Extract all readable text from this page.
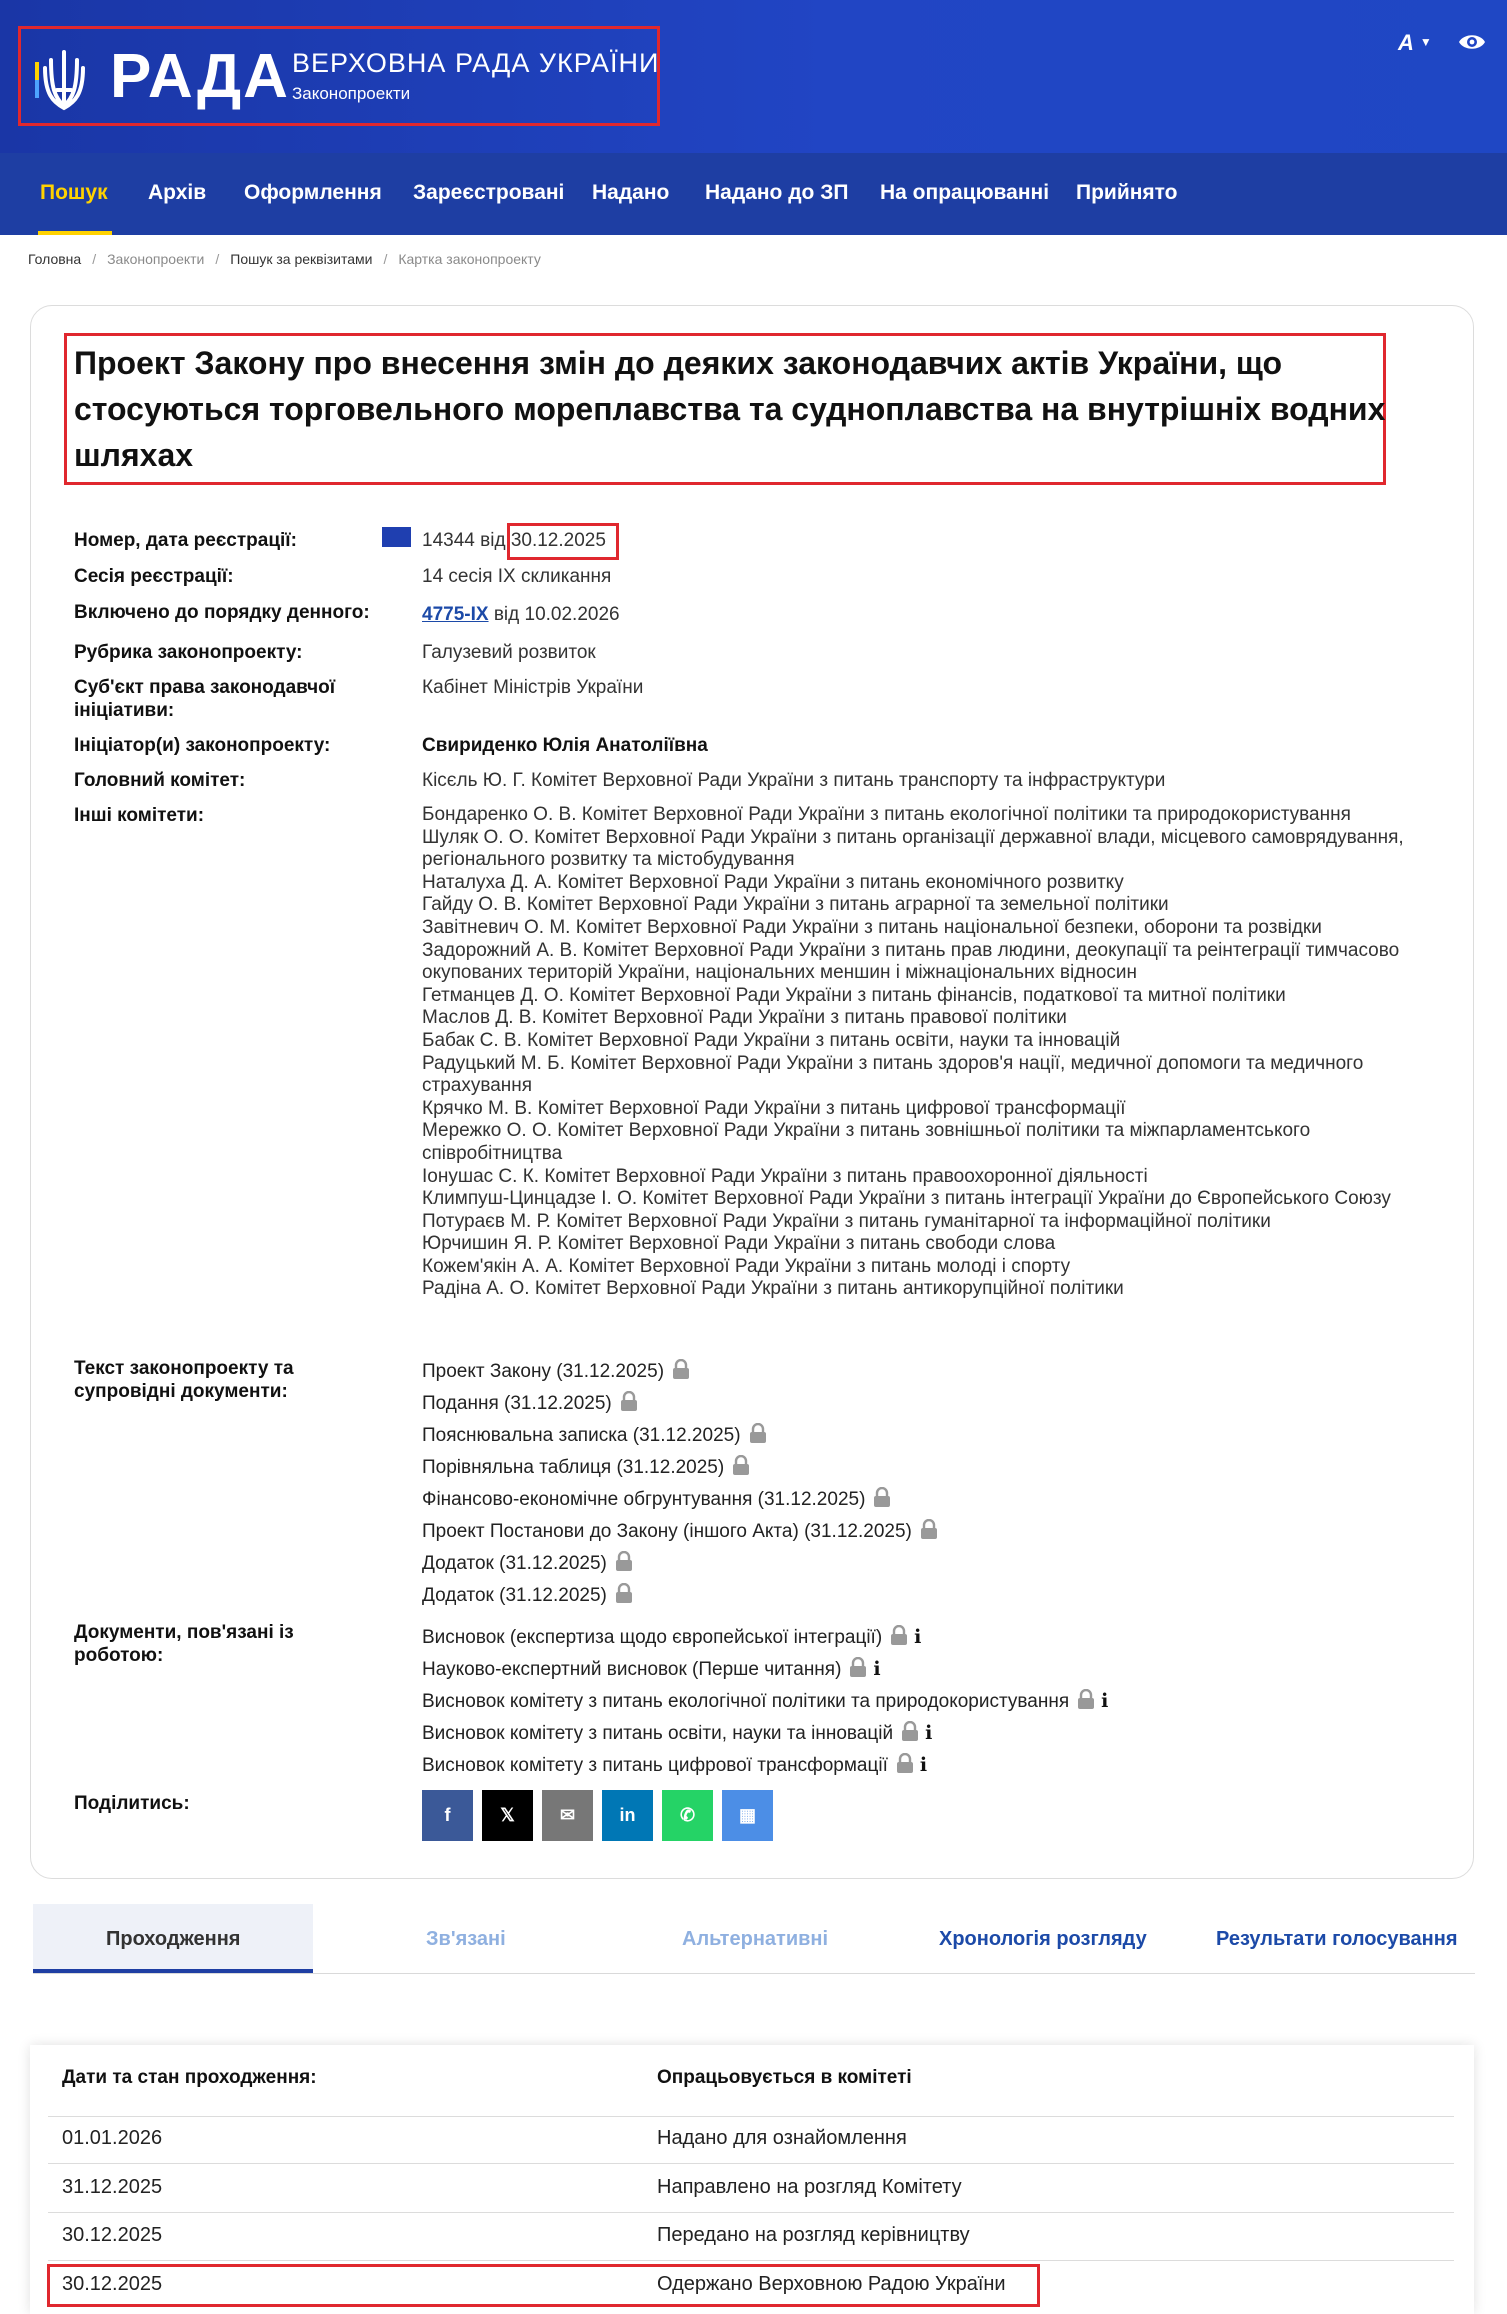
РАДА ВЕРХОВНА РАДА УКРАЇНИ
Законопроекти
A ▼
Пошук Архів Оформлення Зареєстровані Надано Надано до ЗП На опрацюванні Прийнято
Головна / Законопроекти / Пошук за реквізитами / Картка законопроекту
Проект Закону про внесення змін до деяких законодавчих актів України, що стосуються торговельного мореплавства та судноплавства на внутрішніх водних шляхах
Номер, дата реєстрації:	14344 від 30.12.2025
Сесія реєстрації:	14 сесія IX скликання
Включено до порядку денного:	4775-IX від 10.02.2026
Рубрика законопроекту:	Галузевий розвиток
Суб'єкт права законодавчої ініціативи:
Кабінет Міністрів України
Ініціатор(и) законопроекту:	Свириденко Юлія Анатоліївна
Головний комітет:	Кісєль Ю. Г. Комітет Верховної Ради України з питань транспорту та інфраструктури
Інші комітети:	Бондаренко О. В. Комітет Верховної Ради України з питань екологічної політики та природокористування
Шуляк О. О. Комітет Верховної Ради України з питань організації державної влади, місцевого самоврядування, регіонального розвитку та містобудування
Наталуха Д. А. Комітет Верховної Ради України з питань економічного розвитку
Гайду О. В. Комітет Верховної Ради України з питань аграрної та земельної політики
Завітневич О. М. Комітет Верховної Ради України з питань національної безпеки, оборони та розвідки
Задорожний А. В. Комітет Верховної Ради України з питань прав людини, деокупації та реінтеграції тимчасово окупованих територій України, національних меншин і міжнаціональних відносин
Гетманцев Д. О. Комітет Верховної Ради України з питань фінансів, податкової та митної політики
Маслов Д. В. Комітет Верховної Ради України з питань правової політики
Бабак С. В. Комітет Верховної Ради України з питань освіти, науки та інновацій
Радуцький М. Б. Комітет Верховної Ради України з питань здоров'я нації, медичної допомоги та медичного страхування
Крячко М. В. Комітет Верховної Ради України з питань цифрової трансформації
Мережко О. О. Комітет Верховної Ради України з питань зовнішньої політики та міжпарламентського співробітництва
Іонушас С. К. Комітет Верховної Ради України з питань правоохоронної діяльності
Климпуш-Цинцадзе І. О. Комітет Верховної Ради України з питань інтеграції України до Європейського Союзу
Потураєв М. Р. Комітет Верховної Ради України з питань гуманітарної та інформаційної політики
Юрчишин Я. Р. Комітет Верховної Ради України з питань свободи слова
Кожем'якін А. А. Комітет Верховної Ради України з питань молоді і спорту
Радіна А. О. Комітет Верховної Ради України з питань антикорупційної політики
Текст законопроекту та супровідні документи:
Проект Закону (31.12.2025)
Подання (31.12.2025)
Пояснювальна записка (31.12.2025)
Порівняльна таблиця (31.12.2025)
Фінансово-економічне обгрунтування (31.12.2025)
Проект Постанови до Закону (іншого Акта) (31.12.2025)
Додаток (31.12.2025)
Додаток (31.12.2025)
Документи, пов'язані із роботою:
Висновок (експертиза щодо європейської інтеграції) i
Науково-експертний висновок (Перше читання) i
Висновок комітету з питань екологічної політики та природокористування i
Висновок комітету з питань освіти, науки та інновацій i
Висновок комітету з питань цифрової трансформації i
Поділитись:
f	𝕏	✉	in	✆	▦
Проходження	Зв'язані	Альтернативні	Хронологія розгляду	Результати голосування
Дати та стан проходження:	Опрацьовується в комітеті
01.01.2026	Надано для ознайомлення
31.12.2025	Направлено на розгляд Комітету
30.12.2025	Передано на розгляд керівництву
30.12.2025	Одержано Верховною Радою України
